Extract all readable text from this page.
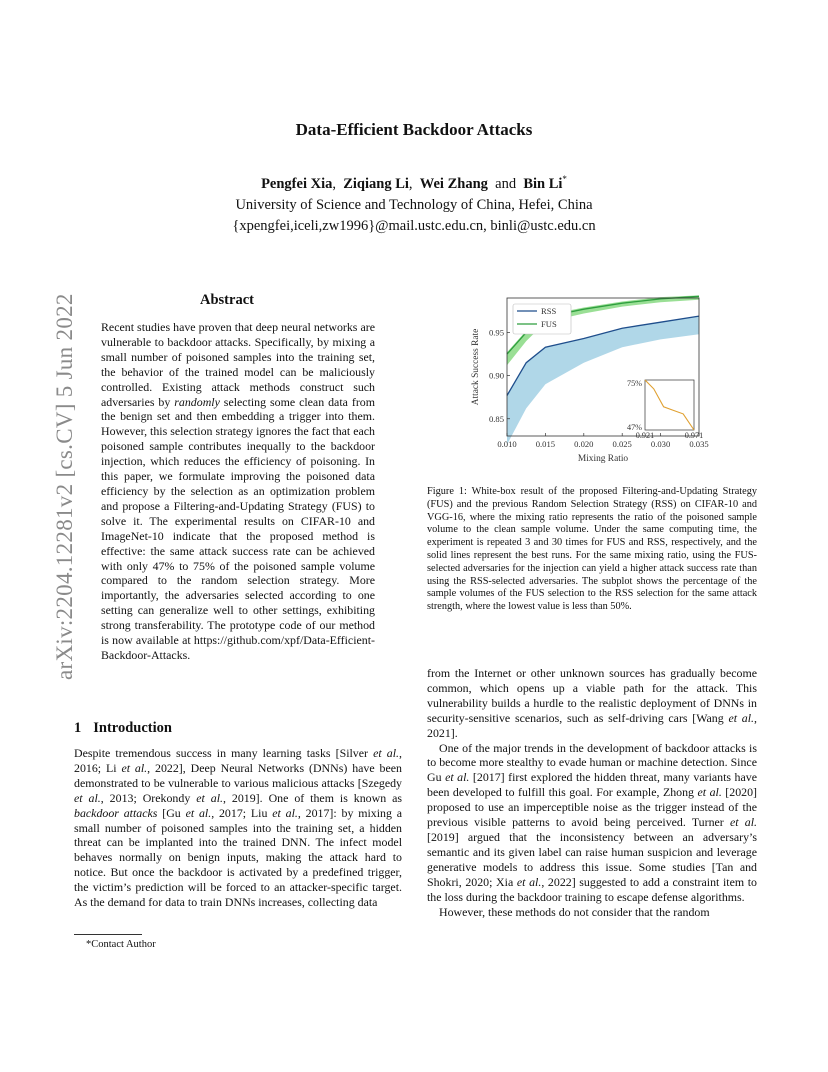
arXiv:2204.12281v2 [cs.CV] 5 Jun 2022
Data-Efficient Backdoor Attacks
Pengfei Xia,  Ziqiang Li,  Wei Zhang and Bin Li*
University of Science and Technology of China, Hefei, China
{xpengfei,iceli,zw1996}@mail.ustc.edu.cn, binli@ustc.edu.cn
Abstract
Recent studies have proven that deep neural networks are vulnerable to backdoor attacks. Specifically, by mixing a small number of poisoned samples into the training set, the behavior of the trained model can be maliciously controlled. Existing attack methods construct such adversaries by randomly selecting some clean data from the benign set and then embedding a trigger into them. However, this selection strategy ignores the fact that each poisoned sample contributes inequally to the backdoor injection, which reduces the efficiency of poisoning. In this paper, we formulate improving the poisoned data efficiency by the selection as an optimization problem and propose a Filtering-and-Updating Strategy (FUS) to solve it. The experimental results on CIFAR-10 and ImageNet-10 indicate that the proposed method is effective: the same attack success rate can be achieved with only 47% to 75% of the poisoned sample volume compared to the random selection strategy. More importantly, the adversaries selected according to one setting can generalize well to other settings, exhibiting strong transferability. The prototype code of our method is now available at https://github.com/xpf/Data-Efficient-Backdoor-Attacks.
1 Introduction
Despite tremendous success in many learning tasks [Silver et al., 2016; Li et al., 2022], Deep Neural Networks (DNNs) have been demonstrated to be vulnerable to various malicious attacks [Szegedy et al., 2013; Orekondy et al., 2019]. One of them is known as backdoor attacks [Gu et al., 2017; Liu et al., 2017]: by mixing a small number of poisoned samples into the training set, a hidden threat can be implanted into the trained DNN. The infect model behaves normally on benign inputs, making the attack hard to notice. But once the backdoor is activated by a predefined trigger, the victim’s prediction will be forced to an attacker-specific target. As the demand for data to train DNNs increases, collecting data
*Contact Author
0.010 0.015 0.020 0.025 0.030 0.035
0.85
0.90
0.95
Mixing Ratio
Attack Success Rate
RSS
FUS
75%
47%
0.921	0.971
Figure 1: White-box result of the proposed Filtering-and-Updating Strategy (FUS) and the previous Random Selection Strategy (RSS) on CIFAR-10 and VGG-16, where the mixing ratio represents the ratio of the poisoned sample volume to the clean sample volume. Under the same computing time, the experiment is repeated 3 and 30 times for FUS and RSS, respectively, and the solid lines represent the best runs. For the same mixing ratio, using the FUS-selected adversaries for the injection can yield a higher attack success rate than using the RSS-selected adversaries. The subplot shows the percentage of the sample volumes of the FUS selection to the RSS selection for the same attack strength, where the lowest value is less than 50%.

from the Internet or other unknown sources has gradually become common, which opens up a viable path for the attack. This vulnerability builds a hurdle to the realistic deployment of DNNs in security-sensitive scenarios, such as self-driving cars [Wang et al., 2021].

One of the major trends in the development of backdoor attacks is to become more stealthy to evade human or machine detection. Since Gu et al. [2017] first explored the hidden threat, many variants have been developed to fulfill this goal. For example, Zhong et al. [2020] proposed to use an imperceptible noise as the trigger instead of the previous visible patterns to avoid being perceived. Turner et al. [2019] argued that the inconsistency between an adversary’s semantic and its given label can raise human suspicion and leverage generative models to address this issue. Some studies [Tan and Shokri, 2020; Xia et al., 2022] suggested to add a constraint item to the loss during the backdoor training to escape defense algorithms.

However, these methods do not consider that the random
